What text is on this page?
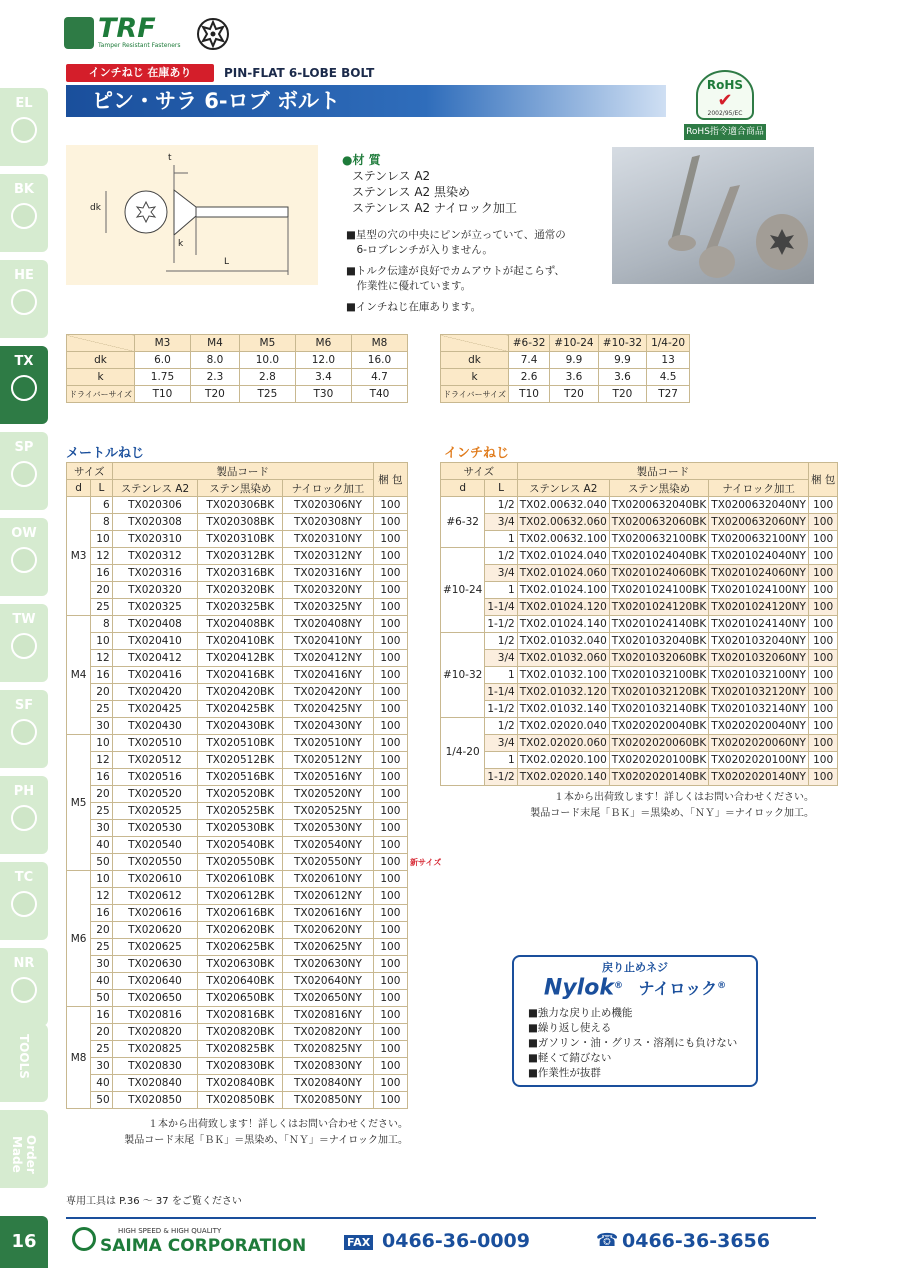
TRF
Tamper Resistant Fasteners
インチねじ 在庫あり	PIN-FLAT 6-LOBE BOLT
ピン・サラ 6-ロブ ボルト
RoHS
✔
2002/95/EC
RoHS指令適合商品
EL
BK
HE
TX
SP
OW
TW
SF
PH
TC
NR
TOOLS
Order Made
t
dk
k
L
●材 質
ステンレス A2
ステンレス A2 黒染め
ステンレス A2 ナイロック加工
■星型の穴の中央にピンが立っていて、通常の
　6-ロブレンチが入りません。
■トルク伝達が良好でカムアウトが起こらず、
　作業性に優れています。
■インチねじ在庫あります。
	M3	M4	M5	M6	M8
dk	6.0	8.0	10.0	12.0	16.0
k	1.75	2.3	2.8	3.4	4.7
ドライバーサイズ	T10	T20	T25	T30	T40
	#6-32	#10-24	#10-32	1/4-20
dk	7.4	9.9	9.9	13
k	2.6	3.6	3.6	4.5
ドライバーサイズ	T10	T20	T20	T27
メートルねじ
サイズ		製品コード			梱 包
d	L	ステンレス A2	ステン黒染め	ナイロック加工	
M3	6	TX020306	TX020306BK	TX020306NY	100
	8	TX020308	TX020308BK	TX020308NY	100
	10	TX020310	TX020310BK	TX020310NY	100
	12	TX020312	TX020312BK	TX020312NY	100
	16	TX020316	TX020316BK	TX020316NY	100
	20	TX020320	TX020320BK	TX020320NY	100
	25	TX020325	TX020325BK	TX020325NY	100
M4	8	TX020408	TX020408BK	TX020408NY	100
	10	TX020410	TX020410BK	TX020410NY	100
	12	TX020412	TX020412BK	TX020412NY	100
	16	TX020416	TX020416BK	TX020416NY	100
	20	TX020420	TX020420BK	TX020420NY	100
	25	TX020425	TX020425BK	TX020425NY	100
	30	TX020430	TX020430BK	TX020430NY	100
M5	10	TX020510	TX020510BK	TX020510NY	100
	12	TX020512	TX020512BK	TX020512NY	100
	16	TX020516	TX020516BK	TX020516NY	100
	20	TX020520	TX020520BK	TX020520NY	100
	25	TX020525	TX020525BK	TX020525NY	100
	30	TX020530	TX020530BK	TX020530NY	100
	40	TX020540	TX020540BK	TX020540NY	100
	50	TX020550	TX020550BK	TX020550NY	100
M6	10	TX020610	TX020610BK	TX020610NY	100
	12	TX020612	TX020612BK	TX020612NY	100
	16	TX020616	TX020616BK	TX020616NY	100
	20	TX020620	TX020620BK	TX020620NY	100
	25	TX020625	TX020625BK	TX020625NY	100
	30	TX020630	TX020630BK	TX020630NY	100
	40	TX020640	TX020640BK	TX020640NY	100
	50	TX020650	TX020650BK	TX020650NY	100
M8	16	TX020816	TX020816BK	TX020816NY	100
	20	TX020820	TX020820BK	TX020820NY	100
	25	TX020825	TX020825BK	TX020825NY	100
	30	TX020830	TX020830BK	TX020830NY	100
	40	TX020840	TX020840BK	TX020840NY	100
	50	TX020850	TX020850BK	TX020850NY	100
新サイズ
１本から出荷致します！詳しくはお問い合わせください。
製品コード末尾「ＢＫ」＝黒染め、「ＮＹ」＝ナイロック加工。
インチねじ
サイズ		製品コード			梱 包
d	L	ステンレス A2	ステン黒染め	ナイロック加工	
#6-32	1/2	TX02.00632.040	TX0200632040BK	TX0200632040NY	100
	3/4	TX02.00632.060	TX0200632060BK	TX0200632060NY	100
	1	TX02.00632.100	TX0200632100BK	TX0200632100NY	100
#10-24	1/2	TX02.01024.040	TX0201024040BK	TX0201024040NY	100
	3/4	TX02.01024.060	TX0201024060BK	TX0201024060NY	100
	1	TX02.01024.100	TX0201024100BK	TX0201024100NY	100
	1-1/4	TX02.01024.120	TX0201024120BK	TX0201024120NY	100
	1-1/2	TX02.01024.140	TX0201024140BK	TX0201024140NY	100
#10-32	1/2	TX02.01032.040	TX0201032040BK	TX0201032040NY	100
	3/4	TX02.01032.060	TX0201032060BK	TX0201032060NY	100
	1	TX02.01032.100	TX0201032100BK	TX0201032100NY	100
	1-1/4	TX02.01032.120	TX0201032120BK	TX0201032120NY	100
	1-1/2	TX02.01032.140	TX0201032140BK	TX0201032140NY	100
1/4-20	1/2	TX02.02020.040	TX0202020040BK	TX0202020040NY	100
	3/4	TX02.02020.060	TX0202020060BK	TX0202020060NY	100
	1	TX02.02020.100	TX0202020100BK	TX0202020100NY	100
	1-1/2	TX02.02020.140	TX0202020140BK	TX0202020140NY	100
１本から出荷致します！詳しくはお問い合わせください。
製品コード末尾「ＢＫ」＝黒染め、「ＮＹ」＝ナイロック加工。
戻り止めネジ
Nylok® ナイロック®
■強力な戻り止め機能
■繰り返し使える
■ガソリン・油・グリス・溶剤にも負けない
■軽くて錆びない
■作業性が抜群
専用工具は P.36 〜 37 をご覧ください
16	HIGH SPEED & HIGH QUALITY
SAIMA CORPORATION	FAX 0466-36-0009	☎ 0466-36-3656
